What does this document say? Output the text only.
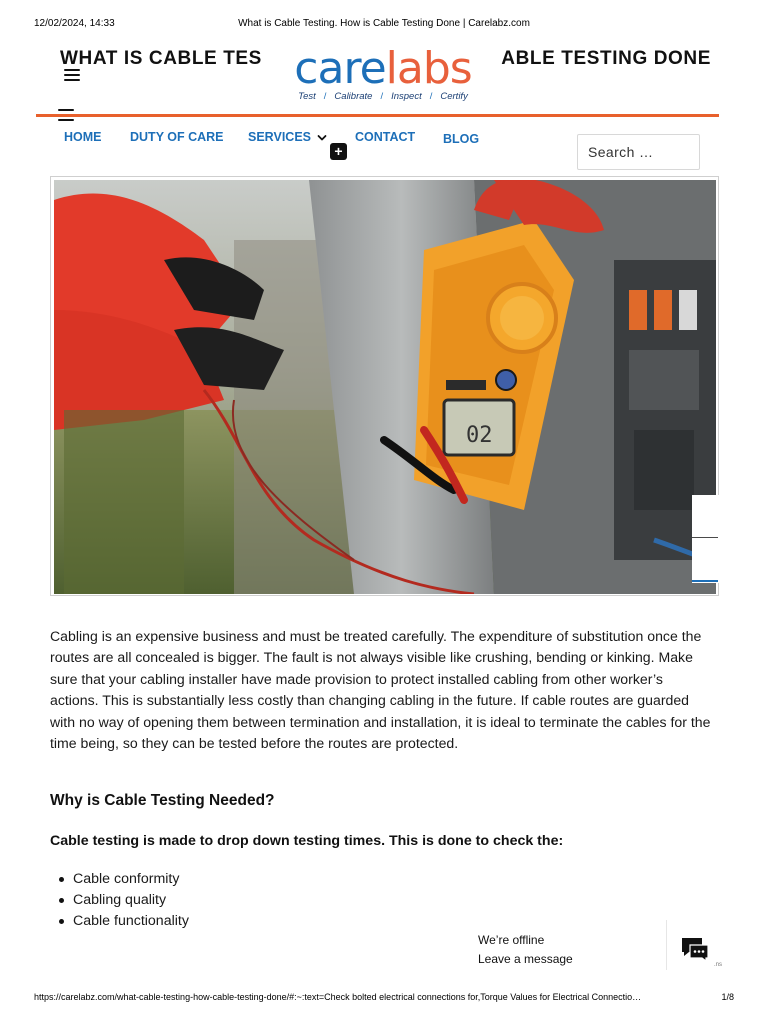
12/02/2024, 14:33	What is Cable Testing. How is Cable Testing Done | Carelabz.com
WHAT IS CABLE TES	ABLE TESTING DONE
carelabs
Test / Calibrate / Inspect / Certify
HOME DUTY OF CARE SERVICES
+
CONTACT BLOG
Search …
02

Cabling is an expensive business and must be treated carefully. The expenditure of substitution once the routes are all concealed is bigger. The fault is not always visible like crushing, bending or kinking. Make sure that your cabling installer have made provision to protect installed cabling from other worker’s actions. This is substantially less costly than changing cabling in the future. If cable routes are guarded with no way of opening them between termination and installation, it is ideal to terminate the cables for the time being, so they can be tested before the routes are protected.

Why is Cable Testing Needed?

Cable testing is made to drop down testing times. This is done to check the:

Cable conformity
Cabling quality
Cable functionality
We’re offline
Leave a message	.ns
https://carelabz.com/what-cable-testing-how-cable-testing-done/#:~:text=Check bolted electrical connections for,Torque Values for Electrical Connectio…	1/8
